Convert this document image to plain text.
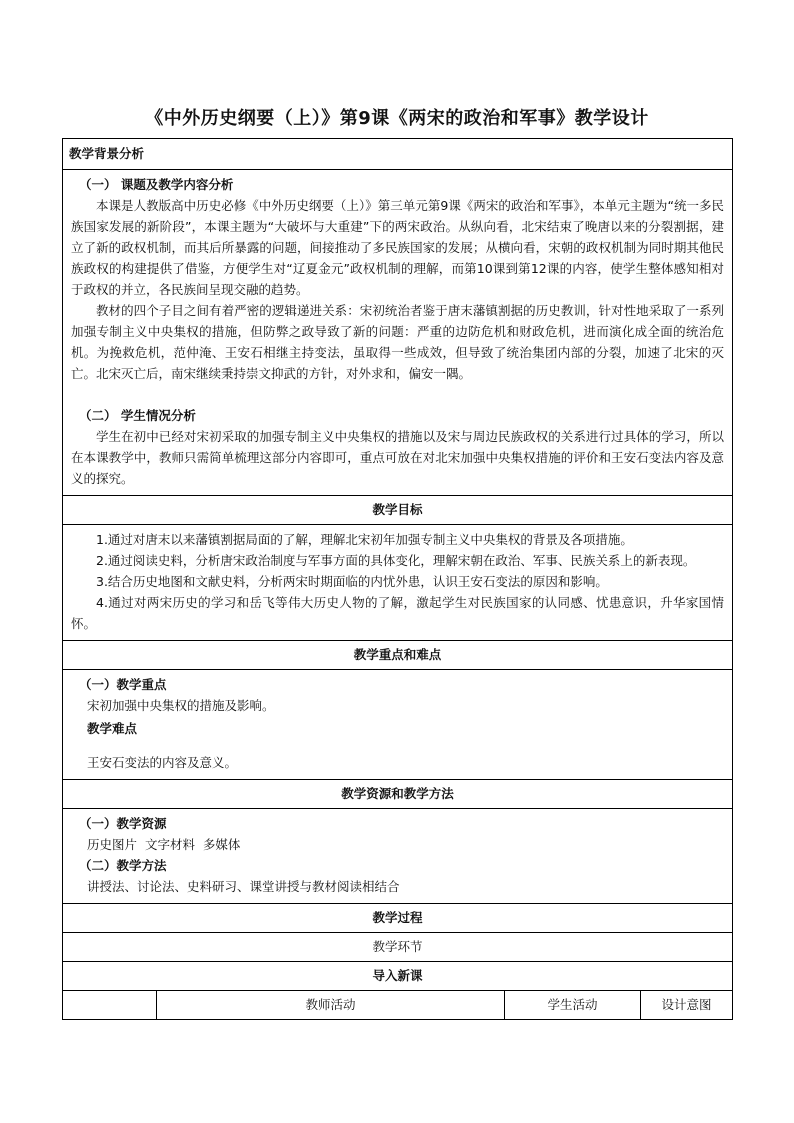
《中外历史纲要（上）》第9课《两宋的政治和军事》教学设计
教学背景分析

（一） 课题及教学内容分析

本课是人教版高中历史必修《中外历史纲要（上）》第三单元第9课《两宋的政治和军事》，本单元主题为“统一多民族国家发展的新阶段”，本课主题为“大破坏与大重建”下的两宋政治。从纵向看，北宋结束了晚唐以来的分裂割据，建立了新的政权机制，而其后所暴露的问题，间接推动了多民族国家的发展；从横向看，宋朝的政权机制为同时期其他民族政权的构建提供了借鉴，方便学生对“辽夏金元”政权机制的理解，而第10课到第12课的内容，使学生整体感知相对于政权的并立，各民族间呈现交融的趋势。

教材的四个子目之间有着严密的逻辑递进关系：宋初统治者鉴于唐末藩镇割据的历史教训，针对性地采取了一系列加强专制主义中央集权的措施，但防弊之政导致了新的问题：严重的边防危机和财政危机，进而演化成全面的统治危机。为挽救危机，范仲淹、王安石相继主持变法，虽取得一些成效，但导致了统治集团内部的分裂，加速了北宋的灭亡。北宋灭亡后，南宋继续秉持崇文抑武的方针，对外求和，偏安一隅。

（二） 学生情况分析

学生在初中已经对宋初采取的加强专制主义中央集权的措施以及宋与周边民族政权的关系进行过具体的学习，所以在本课教学中，教师只需简单梳理这部分内容即可，重点可放在对北宋加强中央集权措施的评价和王安石变法内容及意义的探究。

教学目标

1.通过对唐末以来藩镇割据局面的了解，理解北宋初年加强专制主义中央集权的背景及各项措施。

2.通过阅读史料，分析唐宋政治制度与军事方面的具体变化，理解宋朝在政治、军事、民族关系上的新表现。

3.结合历史地图和文献史料，分析两宋时期面临的内忧外患，认识王安石变法的原因和影响。

4.通过对两宋历史的学习和岳飞等伟大历史人物的了解，激起学生对民族国家的认同感、忧患意识，升华家国情怀。

教学重点和难点

（一）教学重点

宋初加强中央集权的措施及影响。

教学难点

王安石变法的内容及意义。

教学资源和教学方法

（一）教学资源

历史图片  文字材料  多媒体

（二）教学方法

讲授法、讨论法、史料研习、课堂讲授与教材阅读相结合

教学过程
教学环节
导入新课
	教师活动	学生活动	设计意图
